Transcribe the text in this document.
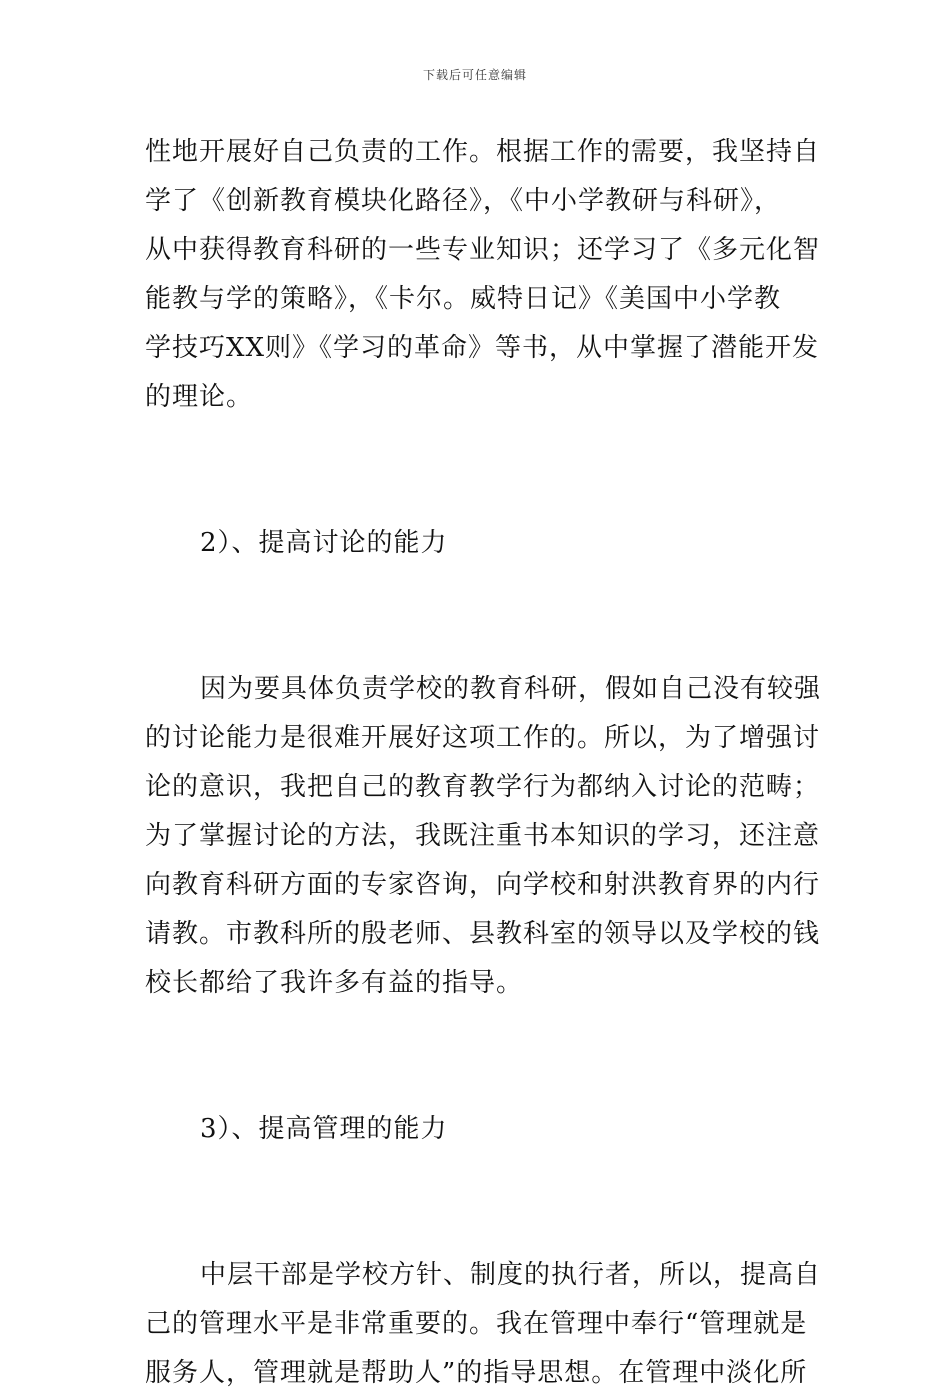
下载后可任意编辑

性地开展好自己负责的工作。根据工作的需要，我坚持自
学了《创新教育模块化路径》，《中小学教研与科研》，
从中获得教育科研的一些专业知识；还学习了《多元化智
能教与学的策略》，《卡尔。威特日记》《美国中小学教
学技巧XX则》《学习的革命》等书，从中掌握了潜能开发
的理论。

2）、提高讨论的能力

因为要具体负责学校的教育科研，假如自己没有较强
的讨论能力是很难开展好这项工作的。所以，为了增强讨
论的意识，我把自己的教育教学行为都纳入讨论的范畴；
为了掌握讨论的方法，我既注重书本知识的学习，还注意
向教育科研方面的专家咨询，向学校和射洪教育界的内行
请教。市教科所的殷老师、县教科室的领导以及学校的钱
校长都给了我许多有益的指导。

3）、提高管理的能力

中层干部是学校方针、制度的执行者，所以，提高自
己的管理水平是非常重要的。我在管理中奉行“管理就是
服务人，管理就是帮助人”的指导思想。在管理中淡化所
